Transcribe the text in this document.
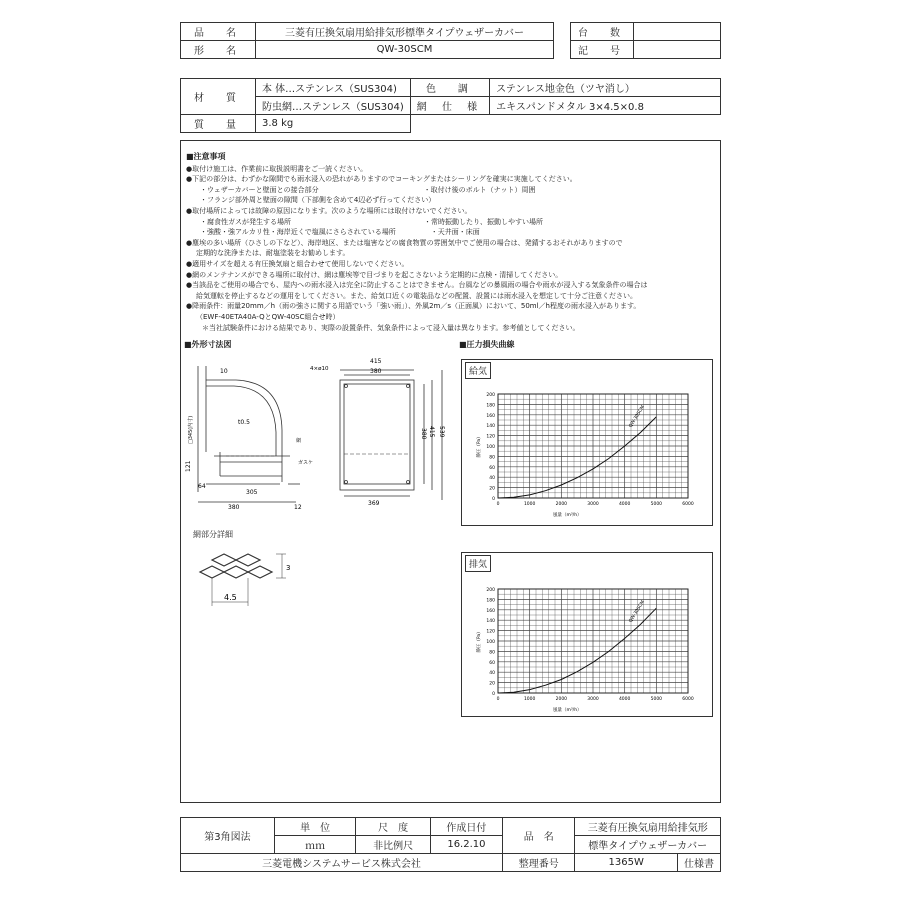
品　名	三菱有圧換気扇用給排気形標準タイプウェザーカバー
形　名	QW-30SCM
台　数	
記　号	
材　質	本 体…ステンレス（SUS304)	色　調	ステンレス地金色（ツヤ消し）
	防虫網…ステンレス（SUS304)	網 仕 様	エキスパンドメタル 3×4.5×0.8
質　量	3.8 kg		
■注意事項
●取付け施工は、作業前に取扱説明書をご一読ください。
●下記の部分は、わずかな隙間でも雨水浸入の恐れがありますのでコーキングまたはシーリングを確実に実施してください。
・ウェザーカバーと壁面との接合部分　　　　　　　　　　　　　　　・取付け後のボルト（ナット）周囲
・フランジ部外周と壁面の隙間（下部側を含めて4辺必ず行ってください）
●取付場所によっては故障の原因になります。次のような場所には取付けないでください。
・腐食性ガスが発生する場所　　　　　　　　　　　　　　　　　　　・常時振動したり、振動しやすい場所
・強酸・強アルカリ性・海岸近くで塩風にさらされている場所　　　　　・天井面・床面
●塵埃の多い場所（ひさしの下など）、海岸地区、または塩害などの腐食物質の雰囲気中でご使用の場合は、発錆するおそれがありますので
定期的な洗浄または、耐塩塗装をお勧めします。
●適用サイズを超える有圧換気扇と組合わせて使用しないでください。
●網のメンテナンスができる場所に取付け、網は塵埃等で目づまりを起こさないよう定期的に点検・清掃してください。
●当該品をご使用の場合でも、屋内への雨水浸入は完全に防止することはできません。台風などの暴風雨の場合や雨水が浸入する気象条件の場合は
給気運転を停止するなどの運用をしてください。また、給気口近くの電装品などの配置、設置には雨水浸入を想定して十分ご注意ください。
●降雨条件：雨量20mm／h（雨の強さに関する用語でいう「強い雨」）、外風2m／s（正面風）において、50ml／h程度の雨水浸入があります。
（EWF-40ETA40A-QとQW-40SC組合せ時）
＊当社試験条件における結果であり、実際の設置条件、気象条件によって浸入量は異なります。参考値としてください。
■外形寸法図	■圧力損失曲線
10
□345(内寸)	t0.5
網
ガスケ
121
64
305
380	12
4×ø10
415
380
380 415 539
369
網部分詳細
3
4.5
給気
0
20
40
60
80
100
120
140
160
180
200
0	1000	2000	3000	4000	5000	6000
静圧（Pa）
風量（m³/h）
QW-30SCM
排気
0
20
40
60
80
100
120
140
160
180
200
0	1000	2000	3000	4000	5000	6000
静圧（Pa）
風量（m³/h）
QW-30SCM
第3角図法	単　位	尺　度	作成日付	品　名	三菱有圧換気扇用給排気形	
	ｍｍ	非比例尺	16.2.10		標準タイプウェザーカバー	
三菱電機システムサービス株式会社				整理番号	1365W	仕様書
